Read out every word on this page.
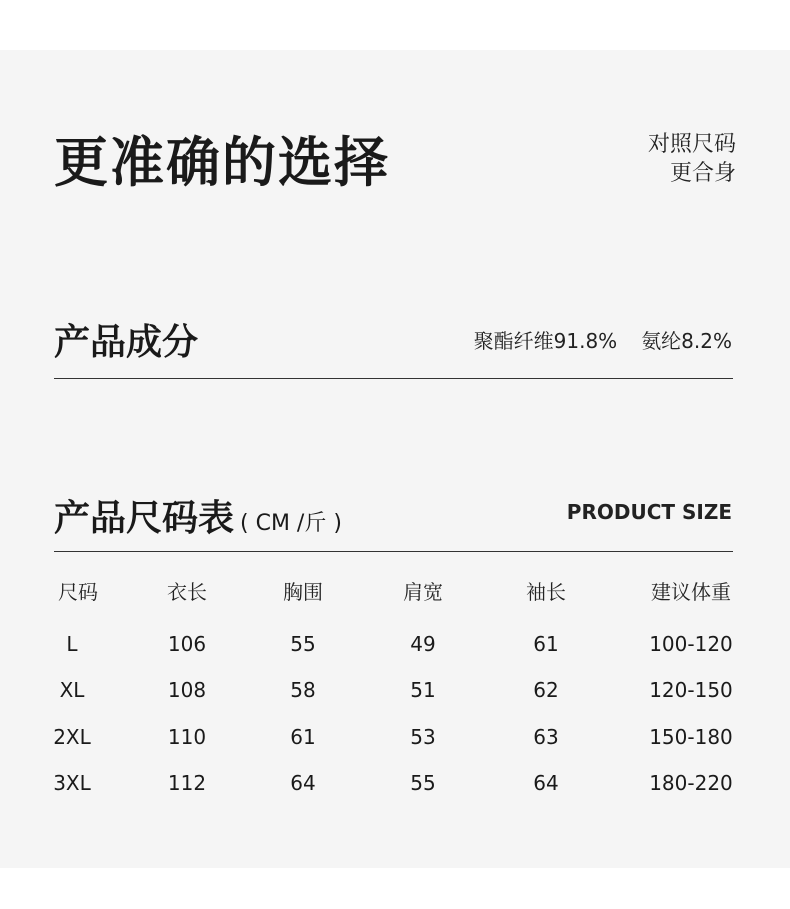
更准确的选择	对照尺码
更合身
产品成分	聚酯纤维91.8% 氨纶8.2%
产品尺码表 ( CM /斤 )	PRODUCT SIZE
尺码	衣长	胸围	肩宽	袖长	建议体重
L	106	55	49	61	100-120
XL	108	58	51	62	120-150
2XL	110	61	53	63	150-180
3XL	112	64	55	64	180-220
